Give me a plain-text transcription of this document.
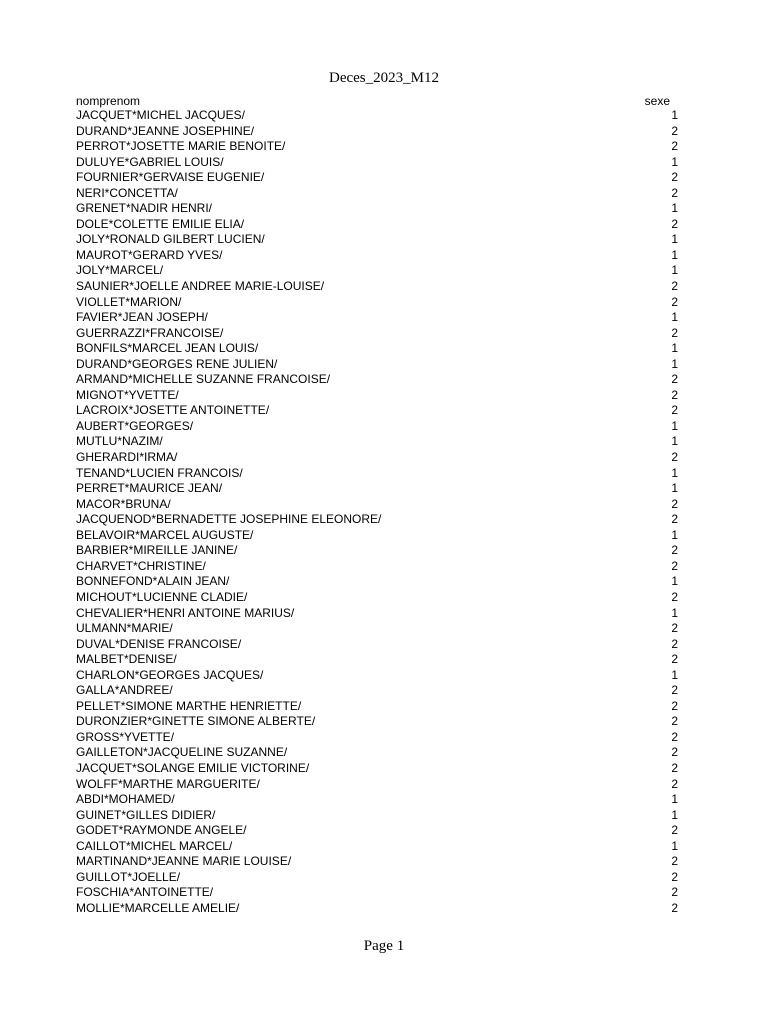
Deces_2023_M12
nomprenom	sexe
JACQUET*MICHEL JACQUES/	1
DURAND*JEANNE JOSEPHINE/	2
PERROT*JOSETTE MARIE BENOITE/	2
DULUYE*GABRIEL LOUIS/	1
FOURNIER*GERVAISE EUGENIE/	2
NERI*CONCETTA/	2
GRENET*NADIR HENRI/	1
DOLE*COLETTE EMILIE ELIA/	2
JOLY*RONALD GILBERT LUCIEN/	1
MAUROT*GERARD YVES/	1
JOLY*MARCEL/	1
SAUNIER*JOELLE ANDREE MARIE-LOUISE/	2
VIOLLET*MARION/	2
FAVIER*JEAN JOSEPH/	1
GUERRAZZI*FRANCOISE/	2
BONFILS*MARCEL JEAN LOUIS/	1
DURAND*GEORGES RENE JULIEN/	1
ARMAND*MICHELLE SUZANNE FRANCOISE/	2
MIGNOT*YVETTE/	2
LACROIX*JOSETTE ANTOINETTE/	2
AUBERT*GEORGES/	1
MUTLU*NAZIM/	1
GHERARDI*IRMA/	2
TENAND*LUCIEN FRANCOIS/	1
PERRET*MAURICE JEAN/	1
MACOR*BRUNA/	2
JACQUENOD*BERNADETTE JOSEPHINE ELEONORE/	2
BELAVOIR*MARCEL AUGUSTE/	1
BARBIER*MIREILLE JANINE/	2
CHARVET*CHRISTINE/	2
BONNEFOND*ALAIN JEAN/	1
MICHOUT*LUCIENNE CLADIE/	2
CHEVALIER*HENRI ANTOINE MARIUS/	1
ULMANN*MARIE/	2
DUVAL*DENISE FRANCOISE/	2
MALBET*DENISE/	2
CHARLON*GEORGES JACQUES/	1
GALLA*ANDREE/	2
PELLET*SIMONE MARTHE HENRIETTE/	2
DURONZIER*GINETTE SIMONE ALBERTE/	2
GROSS*YVETTE/	2
GAILLETON*JACQUELINE SUZANNE/	2
JACQUET*SOLANGE EMILIE VICTORINE/	2
WOLFF*MARTHE MARGUERITE/	2
ABDI*MOHAMED/	1
GUINET*GILLES DIDIER/	1
GODET*RAYMONDE ANGELE/	2
CAILLOT*MICHEL MARCEL/	1
MARTINAND*JEANNE MARIE LOUISE/	2
GUILLOT*JOELLE/	2
FOSCHIA*ANTOINETTE/	2
MOLLIE*MARCELLE AMELIE/	2
Page 1
